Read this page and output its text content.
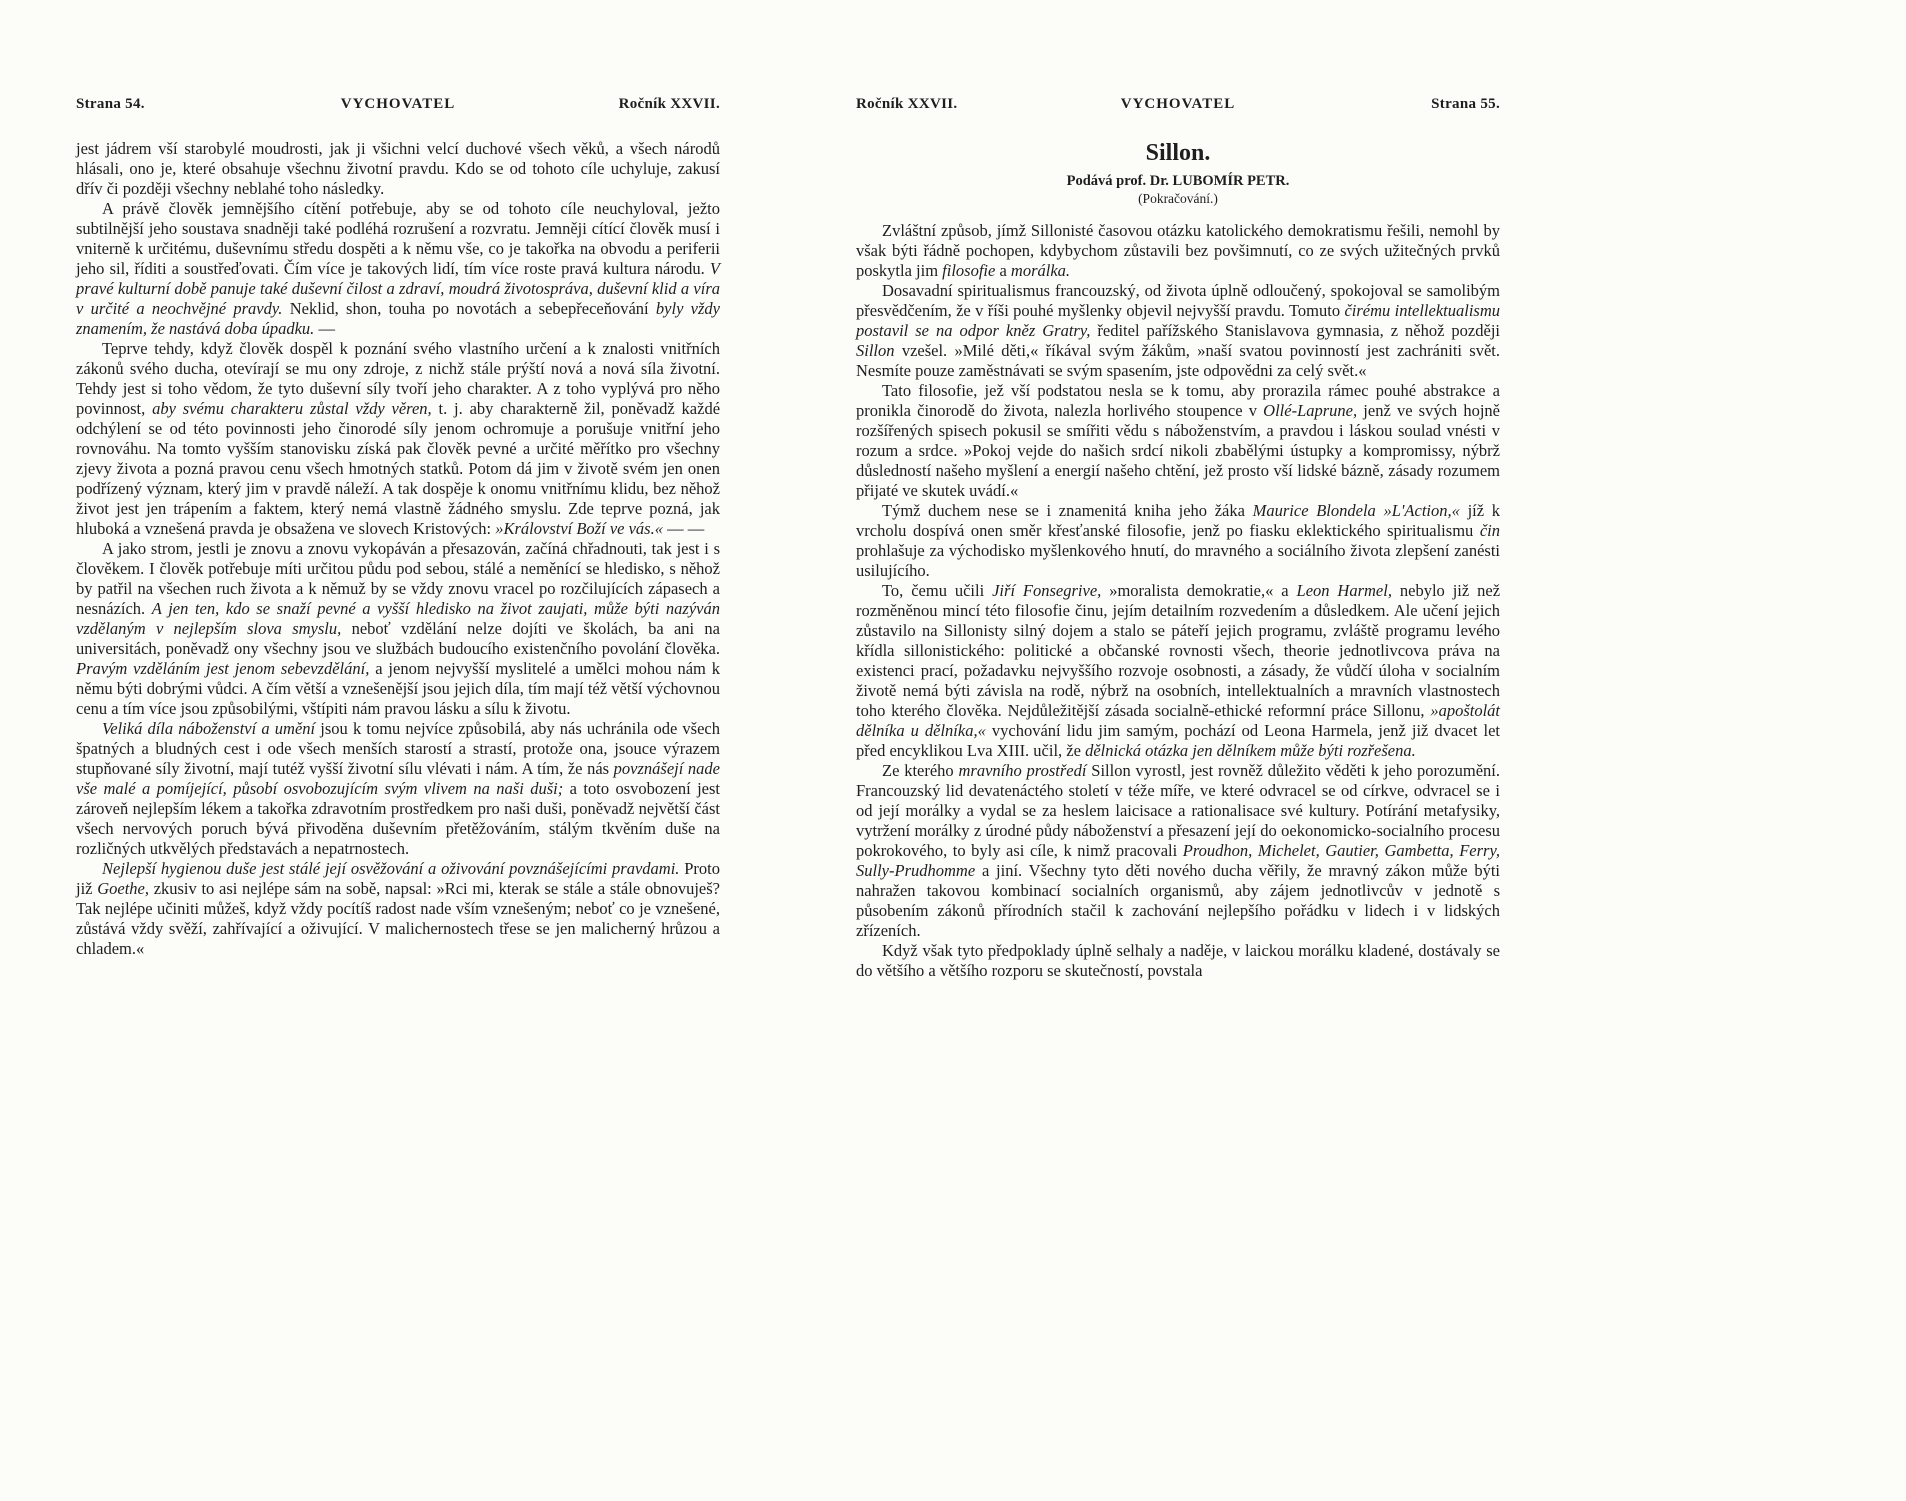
Strana 54.	VYCHOVATEL	Ročník XXVII.

jest jádrem vší starobylé moudrosti, jak ji všichni velcí duchové všech věků, a všech národů hlásali, ono je, které obsahuje všechnu životní pravdu. Kdo se od tohoto cíle uchyluje, zakusí dřív či později všechny neblahé toho následky.

A právě člověk jemnějšího cítění potřebuje, aby se od tohoto cíle neuchyloval, ježto subtilnější jeho soustava snadněji také podléhá rozrušení a rozvratu. Jemněji cítící člověk musí i vniterně k určitému, duševnímu středu dospěti a k němu vše, co je takořka na obvodu a periferii jeho sil, říditi a soustřeďovati. Čím více je takových lidí, tím více roste pravá kultura národu. V pravé kulturní době panuje také duševní čilost a zdraví, moudrá životospráva, duševní klid a víra v určité a neochvějné pravdy. Neklid, shon, touha po novotách a sebepřeceňování byly vždy znamením, že nastává doba úpadku. —

Teprve tehdy, když člověk dospěl k poznání svého vlastního určení a k znalosti vnitřních zákonů svého ducha, otevírají se mu ony zdroje, z nichž stále prýští nová a nová síla životní. Tehdy jest si toho vědom, že tyto duševní síly tvoří jeho charakter. A z toho vyplývá pro něho povinnost, aby svému charakteru zůstal vždy věren, t. j. aby charakterně žil, poněvadž každé odchýlení se od této povinnosti jeho činorodé síly jenom ochromuje a porušuje vnitřní jeho rovnováhu. Na tomto vyšším stanovisku získá pak člověk pevné a určité měřítko pro všechny zjevy života a pozná pravou cenu všech hmotných statků. Potom dá jim v životě svém jen onen podřízený význam, který jim v pravdě náleží. A tak dospěje k onomu vnitřnímu klidu, bez něhož život jest jen trápením a faktem, který nemá vlastně žádného smyslu. Zde teprve pozná, jak hluboká a vznešená pravda je obsažena ve slovech Kristových: »Království Boží ve vás.« — —

A jako strom, jestli je znovu a znovu vykopáván a přesazován, začíná chřadnouti, tak jest i s člověkem. I člověk potřebuje míti určitou půdu pod sebou, stálé a neměnící se hledisko, s něhož by patřil na všechen ruch života a k němuž by se vždy znovu vracel po rozčilujících zápasech a nesnázích. A jen ten, kdo se snaží pevné a vyšší hledisko na život zaujati, může býti nazýván vzdělaným v nejlepším slova smyslu, neboť vzdělání nelze dojíti ve školách, ba ani na universitách, poněvadž ony všechny jsou ve službách budoucího existenčního povolání člověka. Pravým vzděláním jest jenom sebevzdělání, a jenom nejvyšší myslitelé a umělci mohou nám k němu býti dobrými vůdci. A čím větší a vznešenější jsou jejich díla, tím mají též větší výchovnou cenu a tím více jsou způsobilými, vštípiti nám pravou lásku a sílu k životu.

Veliká díla náboženství a umění jsou k tomu nejvíce způsobilá, aby nás uchránila ode všech špatných a bludných cest i ode všech menších starostí a strastí, protože ona, jsouce výrazem stupňované síly životní, mají tutéž vyšší životní sílu vlévati i nám. A tím, že nás povznášejí nade vše malé a pomíjející, působí osvobozujícím svým vlivem na naši duši; a toto osvobození jest zároveň nejlepším lékem a takořka zdravotním prostředkem pro naši duši, poněvadž největší část všech nervových poruch bývá přivoděna duševním přetěžováním, stálým tkvěním duše na rozličných utkvělých představách a nepatrnostech.

Nejlepší hygienou duše jest stálé její osvěžování a oživování povznášejícími pravdami. Proto již Goethe, zkusiv to asi nejlépe sám na sobě, napsal: »Rci mi, kterak se stále a stále obnovuješ? Tak nejlépe učiniti můžeš, když vždy pocítíš radost nade vším vznešeným; neboť co je vznešené, zůstává vždy svěží, zahřívající a oživující. V malichernostech třese se jen malicherný hrůzou a chladem.«

Ročník XXVII.	VYCHOVATEL	Strana 55.
Sillon.
Podává prof. Dr. LUBOMÍR PETR.
(Pokračování.)

Zvláštní způsob, jímž Sillonisté časovou otázku katolického demokratismu řešili, nemohl by však býti řádně pochopen, kdybychom zůstavili bez povšimnutí, co ze svých užitečných prvků poskytla jim filosofie a morálka.

Dosavadní spiritualismus francouzský, od života úplně odloučený, spokojoval se samolibým přesvědčením, že v říši pouhé myšlenky objevil nejvyšší pravdu. Tomuto čirému intellektualismu postavil se na odpor kněz Gratry, ředitel pařížského Stanislavova gymnasia, z něhož později Sillon vzešel. »Milé děti,« říkával svým žákům, »naší svatou povinností jest zachrániti svět. Nesmíte pouze zaměstnávati se svým spasením, jste odpovědni za celý svět.«

Tato filosofie, jež vší podstatou nesla se k tomu, aby prorazila rámec pouhé abstrakce a pronikla činorodě do života, nalezla horlivého stoupence v Ollé-Laprune, jenž ve svých hojně rozšířených spisech pokusil se smířiti vědu s náboženstvím, a pravdou i láskou soulad vnésti v rozum a srdce. »Pokoj vejde do našich srdcí nikoli zbabělými ústupky a kompromissy, nýbrž důsledností našeho myšlení a energií našeho chtění, jež prosto vší lidské bázně, zásady rozumem přijaté ve skutek uvádí.«

Týmž duchem nese se i znamenitá kniha jeho žáka Maurice Blondela »L'Action,« jíž k vrcholu dospívá onen směr křesťanské filosofie, jenž po fiasku eklektického spiritualismu čin prohlašuje za východisko myšlenkového hnutí, do mravného a sociálního života zlepšení zanésti usilujícího.

To, čemu učili Jiří Fonsegrive, »moralista demokratie,« a Leon Harmel, nebylo již než rozměněnou mincí této filosofie činu, jejím detailním rozvedením a důsledkem. Ale učení jejich zůstavilo na Sillonisty silný dojem a stalo se páteří jejich programu, zvláště programu levého křídla sillonistického: politické a občanské rovnosti všech, theorie jednotlivcova práva na existenci prací, požadavku nejvyššího rozvoje osobnosti, a zásady, že vůdčí úloha v socialním životě nemá býti závisla na rodě, nýbrž na osobních, intellektualních a mravních vlastnostech toho kterého člověka. Nejdůležitější zásada socialně-ethické reformní práce Sillonu, »apoštolát dělníka u dělníka,« vychování lidu jim samým, pochází od Leona Harmela, jenž již dvacet let před encyklikou Lva XIII. učil, že dělnická otázka jen dělníkem může býti rozřešena.

Ze kterého mravního prostředí Sillon vyrostl, jest rovněž důležito věděti k jeho porozumění. Francouzský lid devatenáctého století v téže míře, ve které odvracel se od církve, odvracel se i od její morálky a vydal se za heslem laicisace a rationalisace své kultury. Potírání metafysiky, vytržení morálky z úrodné půdy náboženství a přesazení její do oekonomicko-socialního procesu pokrokového, to byly asi cíle, k nimž pracovali Proudhon, Michelet, Gautier, Gambetta, Ferry, Sully-Prudhomme a jiní. Všechny tyto děti nového ducha věřily, že mravný zákon může býti nahražen takovou kombinací socialních organismů, aby zájem jednotlivcův v jednotě s působením zákonů přírodních stačil k zachování nejlepšího pořádku v lidech i v lidských zřízeních.

Když však tyto předpoklady úplně selhaly a naděje, v laickou morálku kladené, dostávaly se do většího a většího rozporu se skutečností, povstala
